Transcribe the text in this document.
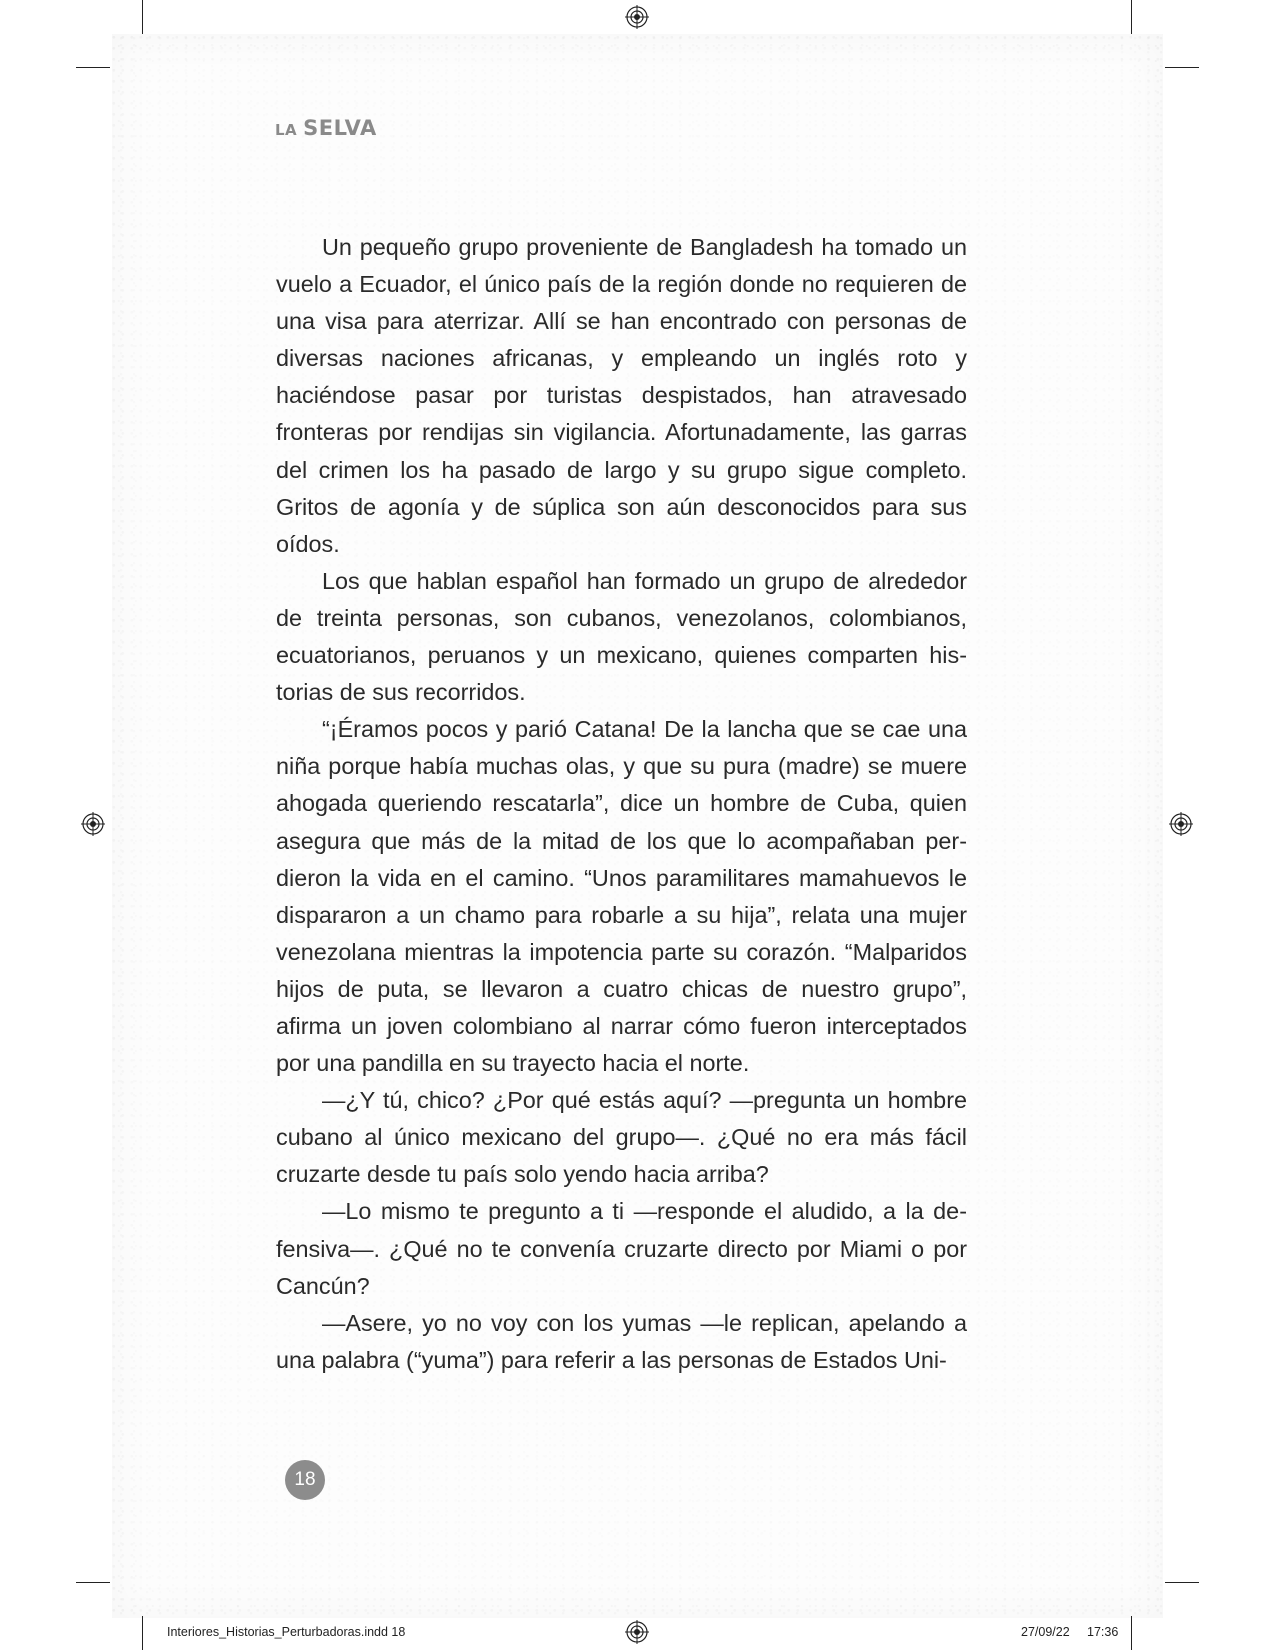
LA SELVA

Un pequeño grupo proveniente de Bangladesh ha tomado un vuelo a Ecuador, el único país de la región donde no requieren de una visa para aterrizar. Allí se han encontrado con personas de diversas naciones africanas, y empleando un inglés roto y haciéndose pasar por turistas despistados, han atravesado fronteras por rendijas sin vigilancia. Afortunadamente, las garras del crimen los ha pasado de largo y su grupo sigue completo. Gritos de agonía y de súplica son aún desconocidos para sus oídos.

Los que hablan español han formado un grupo de alrededor de treinta personas, son cubanos, venezolanos, colombianos, ecuatorianos, peruanos y un mexicano, quienes comparten historias de sus recorridos.

“¡Éramos pocos y parió Catana! De la lancha que se cae una niña porque había muchas olas, y que su pura (madre) se muere ahogada queriendo rescatarla”, dice un hombre de Cuba, quien asegura que más de la mitad de los que lo acompañaban perdieron la vida en el camino. “Unos paramilitares mamahuevos le dispararon a un chamo para robarle a su hija”, relata una mujer venezolana mientras la impotencia parte su corazón. “Malparidos hijos de puta, se llevaron a cuatro chicas de nuestro grupo”, afirma un joven colombiano al narrar cómo fueron interceptados por una pandilla en su trayecto hacia el norte.

—¿Y tú, chico? ¿Por qué estás aquí? —pregunta un hombre cubano al único mexicano del grupo—. ¿Qué no era más fácil cruzarte desde tu país solo yendo hacia arriba?

—Lo mismo te pregunto a ti —responde el aludido, a la defensiva—. ¿Qué no te convenía cruzarte directo por Miami o por Cancún?

—Asere, yo no voy con los yumas —le replican, apelando a una palabra (“yuma”) para referir a las personas de Estados Uni-

18
Interiores_Historias_Perturbadoras.indd 18	27/09/22 17:36
